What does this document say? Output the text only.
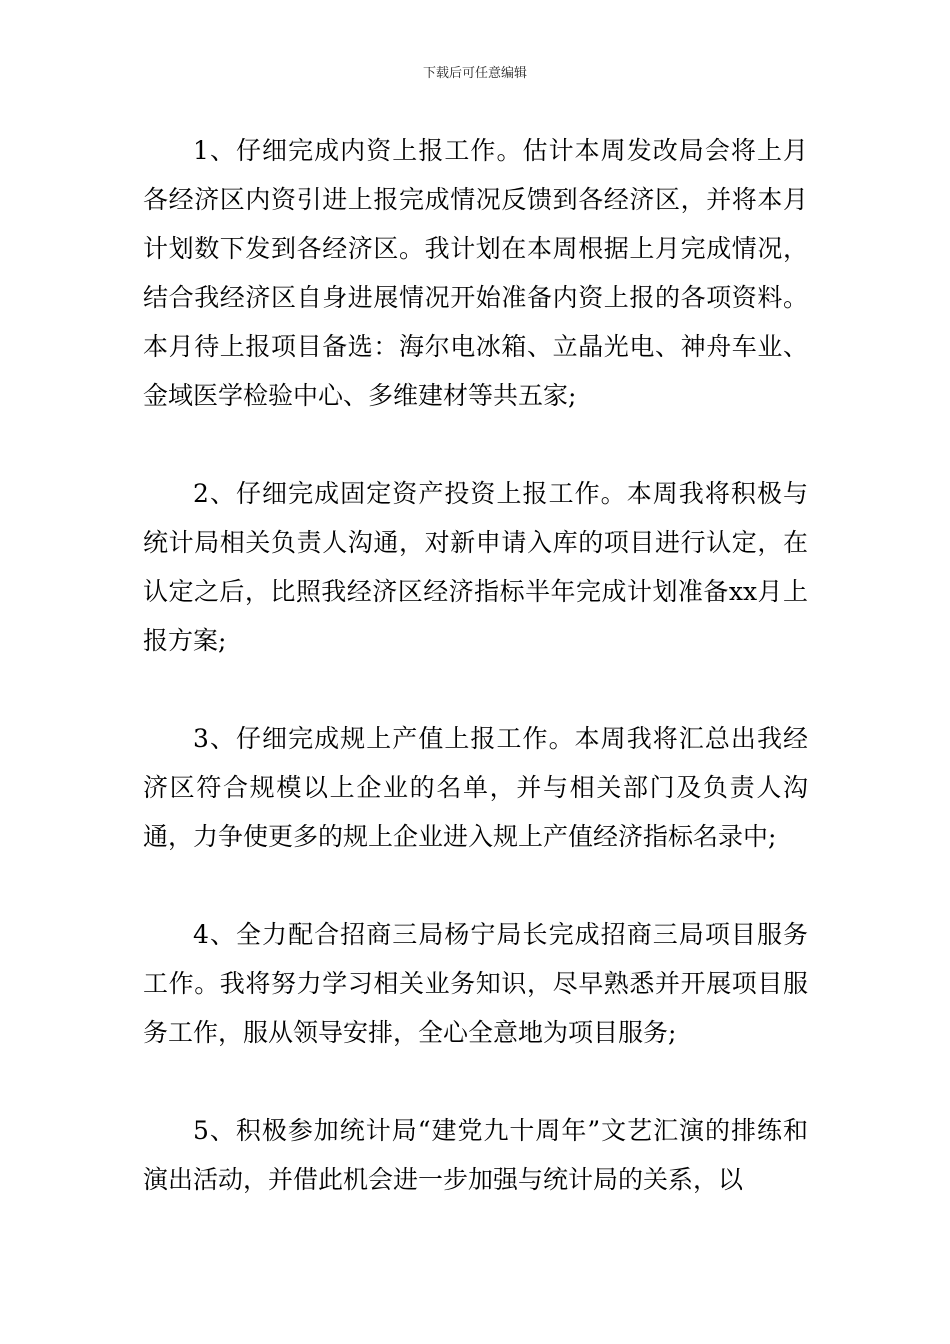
下载后可任意编辑

1、仔细完成内资上报工作。估计本周发改局会将上月各经济区内资引进上报完成情况反馈到各经济区，并将本月计划数下发到各经济区。我计划在本周根据上月完成情况，结合我经济区自身进展情况开始准备内资上报的各项资料。本月待上报项目备选：海尔电冰箱、立晶光电、神舟车业、金域医学检验中心、多维建材等共五家;

2、仔细完成固定资产投资上报工作。本周我将积极与统计局相关负责人沟通，对新申请入库的项目进行认定，在认定之后，比照我经济区经济指标半年完成计划准备xx月上报方案;

3、仔细完成规上产值上报工作。本周我将汇总出我经济区符合规模以上企业的名单，并与相关部门及负责人沟通，力争使更多的规上企业进入规上产值经济指标名录中;

4、全力配合招商三局杨宁局长完成招商三局项目服务工作。我将努力学习相关业务知识，尽早熟悉并开展项目服务工作，服从领导安排，全心全意地为项目服务;

5、积极参加统计局“建党九十周年”文艺汇演的排练和演出活动，并借此机会进一步加强与统计局的关系，以
